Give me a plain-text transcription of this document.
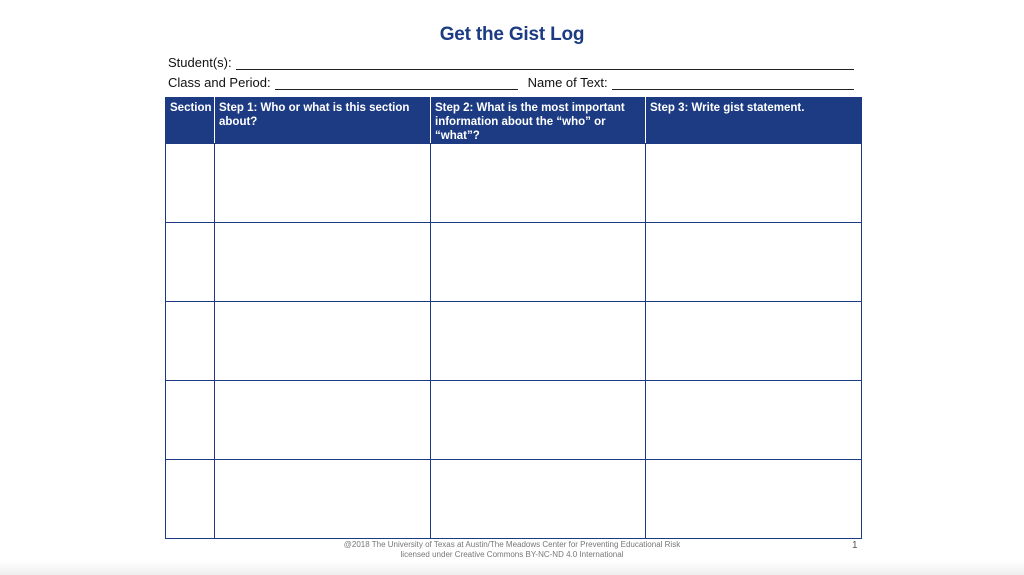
Get the Gist Log
Student(s):
Class and Period:	Name of Text:
Section	Step 1: Who or what is this section about?	Step 2: What is the most important information about the “who” or “what”?	Step 3: Write gist statement.

@2018 The University of Texas at Austin/The Meadows Center for Preventing Educational Risk
licensed under Creative Commons BY-NC-ND 4.0 International
1
